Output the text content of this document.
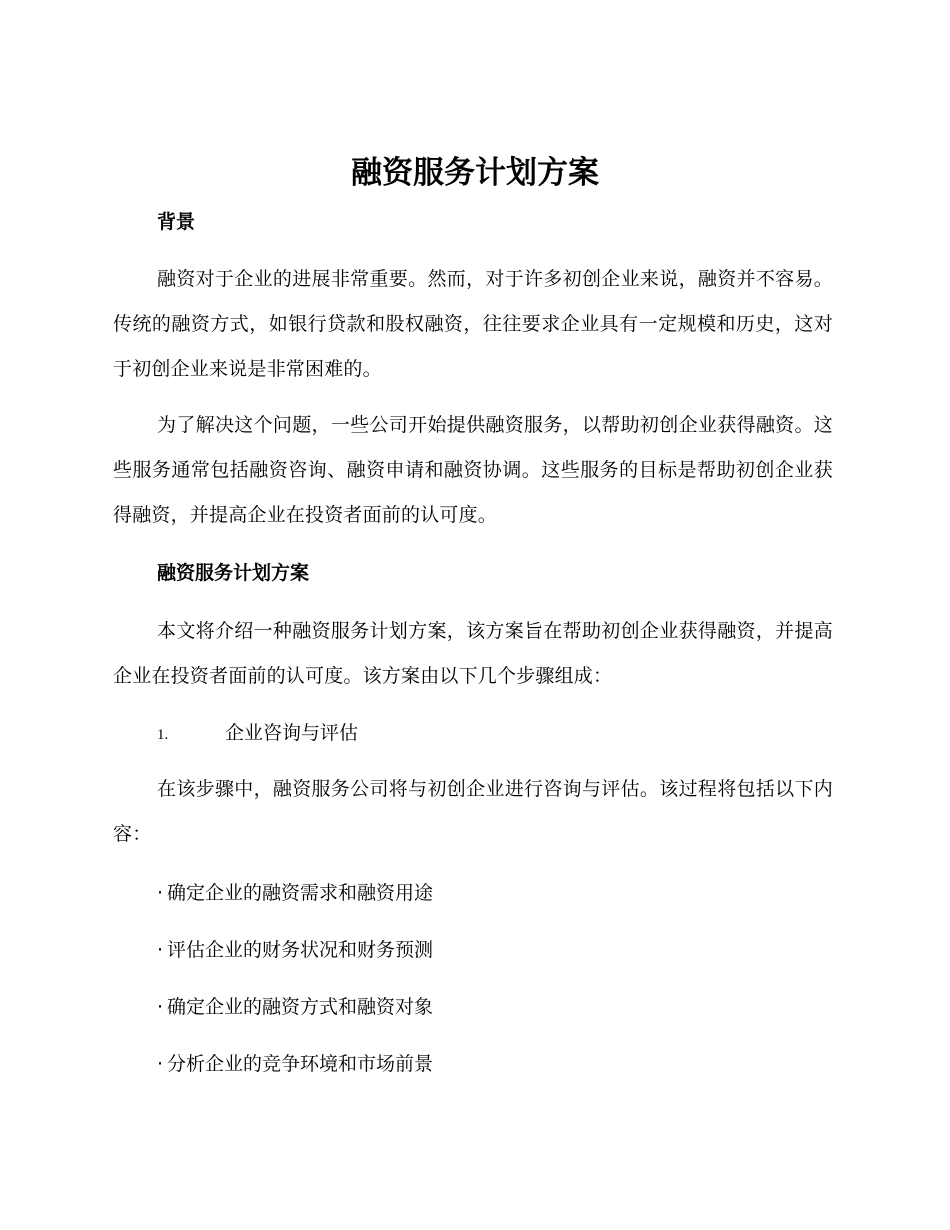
融资服务计划方案
背景

融资对于企业的进展非常重要。然而，对于许多初创企业来说，融资并不容易。传统的融资方式，如银行贷款和股权融资，往往要求企业具有一定规模和历史，这对于初创企业来说是非常困难的。

为了解决这个问题，一些公司开始提供融资服务，以帮助初创企业获得融资。这些服务通常包括融资咨询、融资申请和融资协调。这些服务的目标是帮助初创企业获得融资，并提高企业在投资者面前的认可度。

融资服务计划方案

本文将介绍一种融资服务计划方案，该方案旨在帮助初创企业获得融资，并提高企业在投资者面前的认可度。该方案由以下几个步骤组成：

1.	企业咨询与评估

在该步骤中，融资服务公司将与初创企业进行咨询与评估。该过程将包括以下内容：

· 确定企业的融资需求和融资用途
· 评估企业的财务状况和财务预测
· 确定企业的融资方式和融资对象
· 分析企业的竞争环境和市场前景
